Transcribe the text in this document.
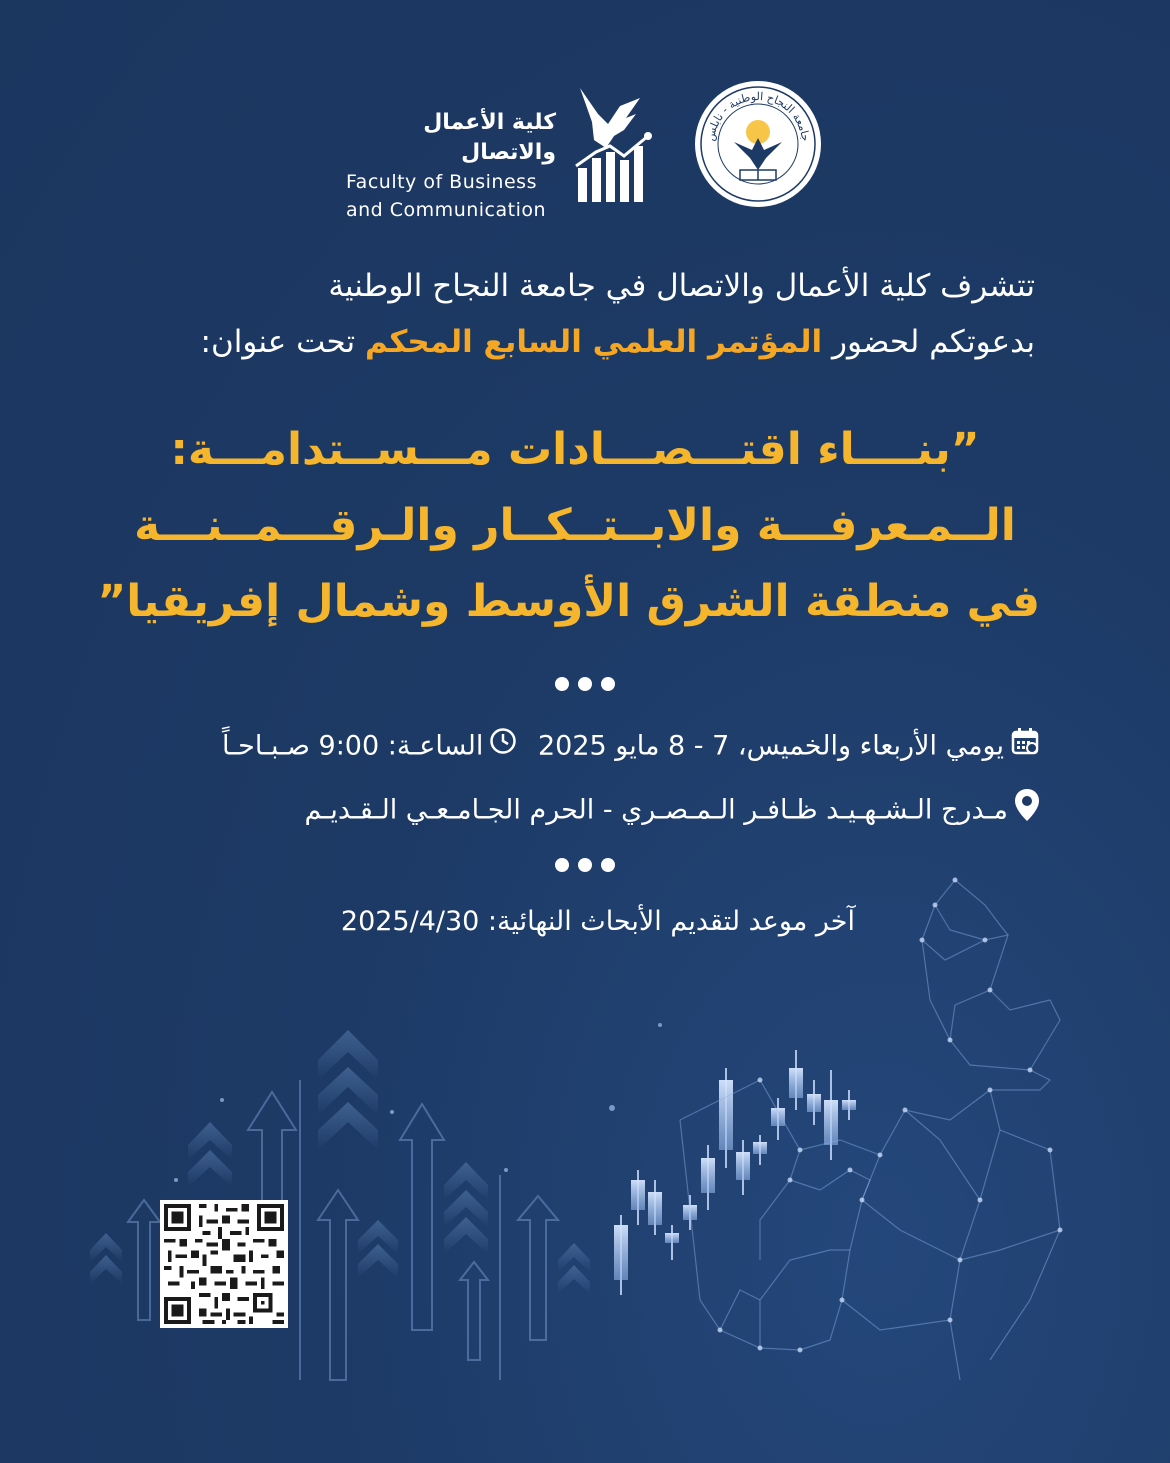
جامعة النجاح الوطنية - نابلس
كلية الأعمال والاتصال
Faculty of Business
and Communication
تتشرف كلية الأعمال والاتصال في جامعة النجاح الوطنية
بدعوتكم لحضور المؤتمر العلمي السابع المحكم تحت عنوان:
”بنــــاء اقتـــصـــادات مـــســتدامـــة:
الــمـعرفـــة والابــتــكــار والـرقـــمــنـــة
في منطقة الشرق الأوسط وشمال إفريقيا”
يومي الأربعاء والخميس، 7 - 8 مايو 2025 الساعـة: 9:00 صـبـاحـاً
مـدرج الـشـهـيـد ظـافـر الـمـصـري - الحرم الجـامـعـي الـقـديـم
آخر موعد لتقديم الأبحاث النهائية: 2025/4/30
